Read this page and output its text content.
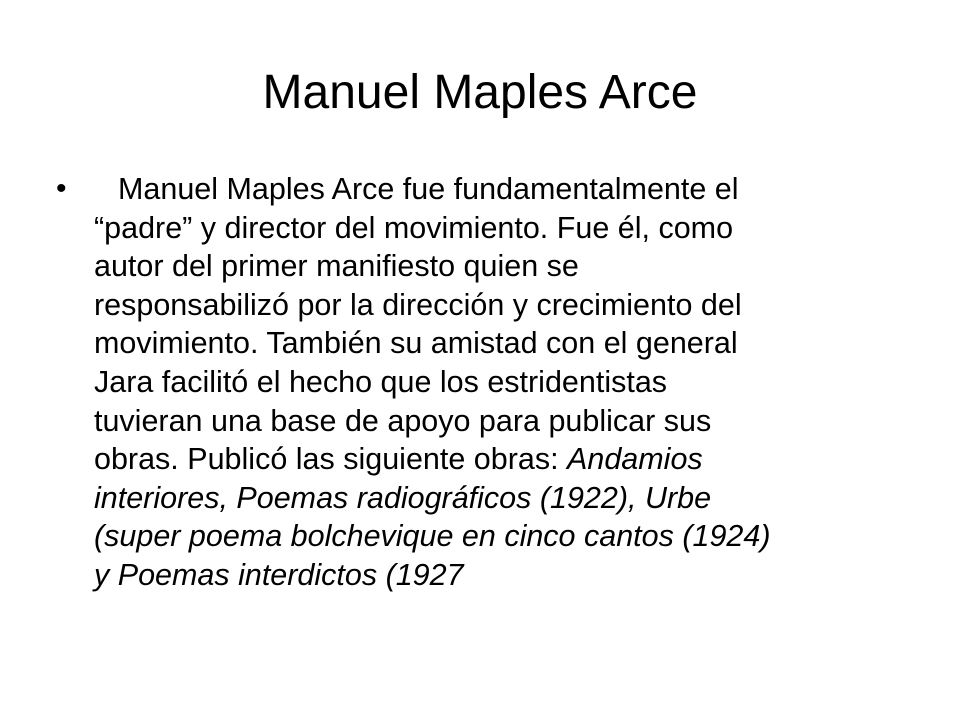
Manuel Maples Arce
•	Manuel Maples Arce fue fundamentalmente el
“padre” y director del movimiento. Fue él, como
autor del primer manifiesto quien se
responsabilizó por la dirección y crecimiento del
movimiento. También su amistad con el general
Jara facilitó el hecho que los estridentistas
tuvieran una base de apoyo para publicar sus
obras. Publicó las siguiente obras: Andamios
interiores, Poemas radiográficos (1922), Urbe
(super poema bolchevique en cinco cantos (1924)
y Poemas interdictos (1927
